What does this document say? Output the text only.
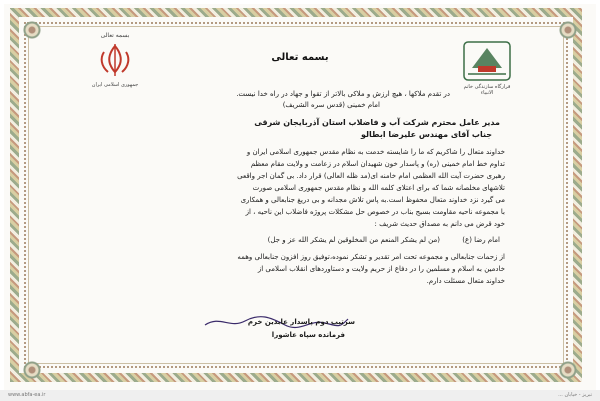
بسمه تعالی
جمهوری اسلامی ایران	قرارگاه سازندگی خاتم الانبیاء
بسمه تعالی
در تقدم ملاکها ، هیچ ارزش و ملاکی بالاتر از تقوا و جهاد در راه خدا نیست.
امام خمینی (قدس سره الشریف)
مدیر عامل محترم شرکت آب و فاضلاب استان آذربایجان شرقی
جناب آقای مهندس علیرضا ابطالو
خداوند متعال را شاکریم که ما را شایسته خدمت به نظام مقدس جمهوری اسلامی ایران و
تداوم خط امام خمینی (ره) و پاسدار خون شهیدان اسلام در زعامت و ولایت مقام معظم
رهبری حضرت آیت الله العظمی امام خامنه ای(مد ظله العالی) قرار داد. بی گمان اجر واقعی
تلاشهای مخلصانه شما که برای اعتلای کلمه الله و نظام مقدس جمهوری اسلامی صورت
می گیرد نزد خداوند متعال محفوظ است.به پاس تلاش مجدانه و بی دریغ جنابعالی و همکاری
با مجموعه ناحیه مقاومت بسیج بناب در خصوص حل مشکلات پروژه فاضلاب این ناحیه ، از
خود قرض می دانم به مصداق حدیث شریف :
(من لم یشکر المنعم من المخلوقین لم یشکر الله عز و جل)	امام رضا (ع)
از زحمات جنابعالی و مجموعه تحت امر تقدیر و تشکر نموده،توفیق روز افزون جنابعالی وهمه
خادمین به اسلام و مسلمین را در دفاع از حریم ولایت و دستاوردهای انقلاب اسلامی از
خداوند متعال مسئلت دارم.
سرتیپ دوم پاسدار عابدین خرم
فرمانده سپاه عاشورا
www.abfa-ea.ir	تبریز - خیابان ...
